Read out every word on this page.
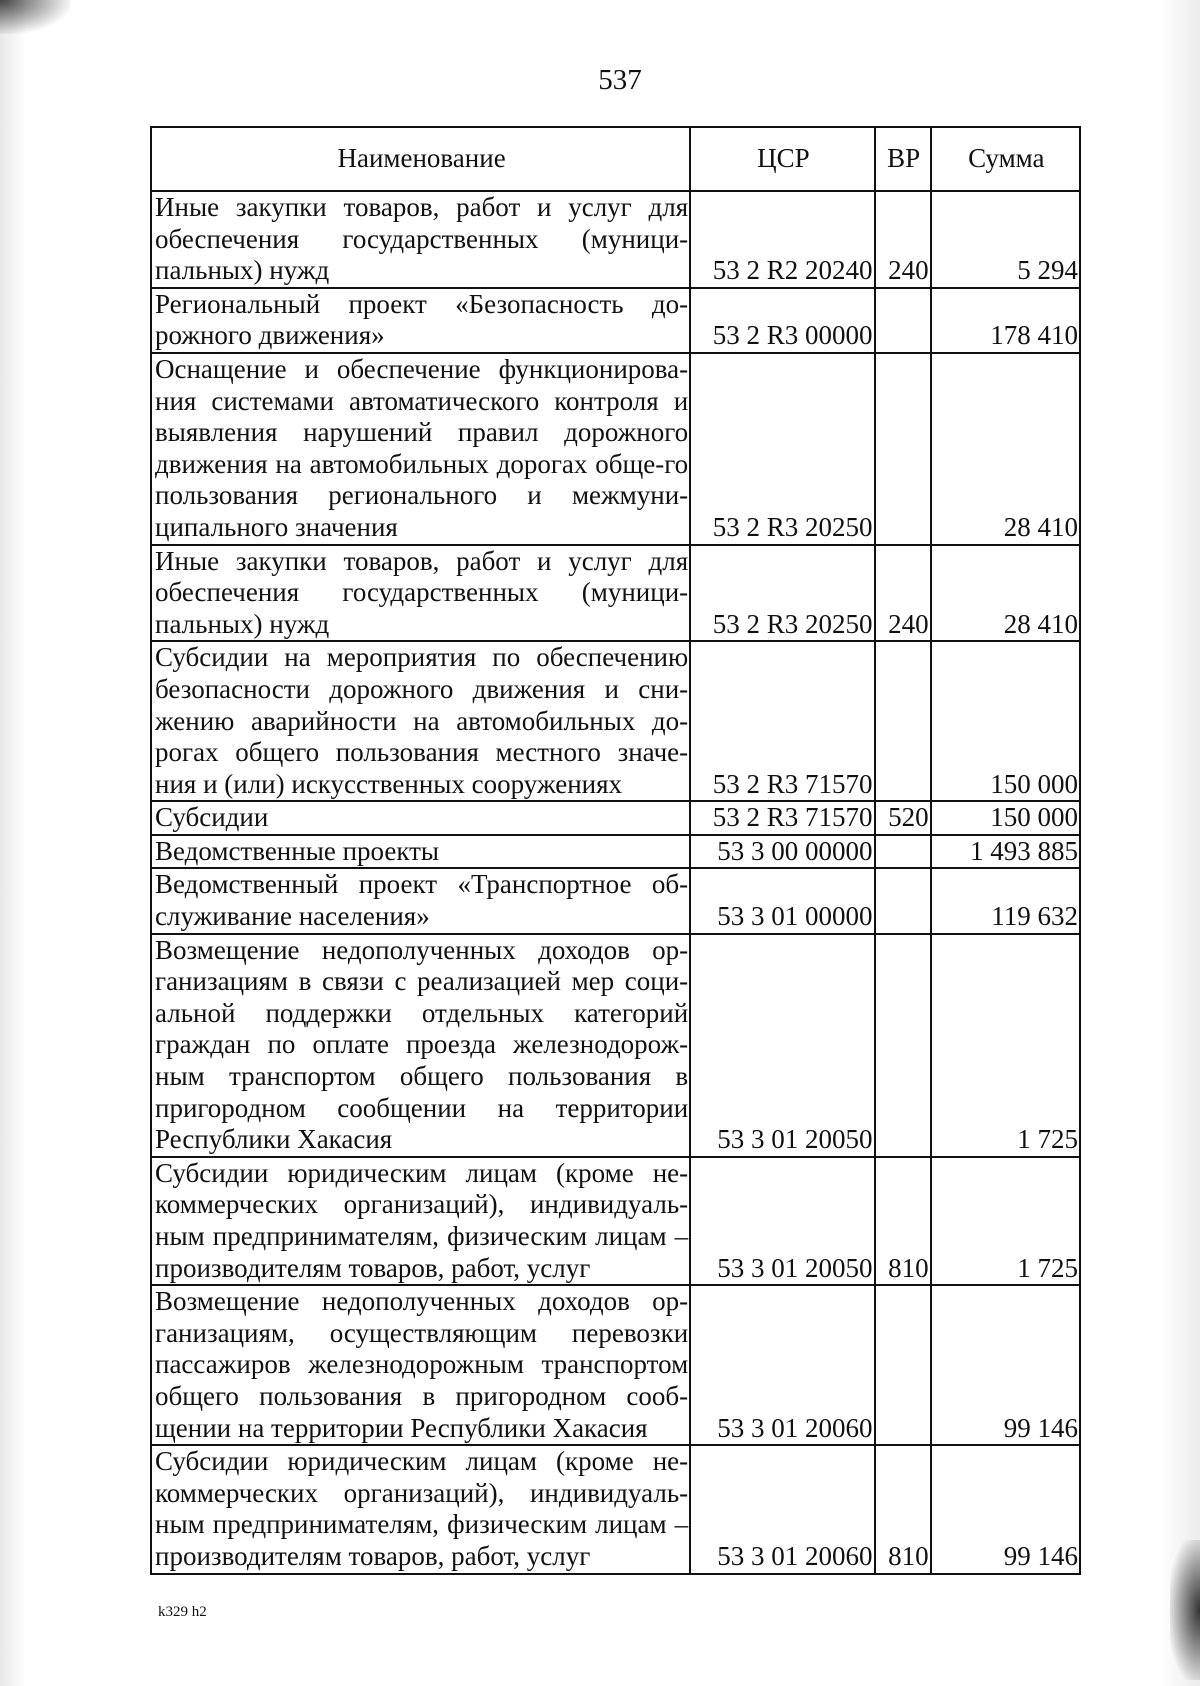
537
Наименование	ЦСР	ВР	Сумма
Иные закупки товаров, работ и услуг для обеспечения государственных (муници-пальных) нужд	53 2 R2 20240	240	5 294
Региональный проект «Безопасность до-рожного движения»	53 2 R3 00000		178 410
Оснащение и обеспечение функционирова-ния системами автоматического контроля и выявления нарушений правил дорожного движения на автомобильных дорогах обще-го пользования регионального и межмуни-ципального значения	53 2 R3 20250		28 410
Иные закупки товаров, работ и услуг для обеспечения государственных (муници-пальных) нужд	53 2 R3 20250	240	28 410
Субсидии на мероприятия по обеспечению безопасности дорожного движения и сни-жению аварийности на автомобильных до-рогах общего пользования местного значе-ния и (или) искусственных сооружениях	53 2 R3 71570		150 000
Субсидии	53 2 R3 71570	520	150 000
Ведомственные проекты	53 3 00 00000		1 493 885
Ведомственный проект «Транспортное об-служивание населения»	53 3 01 00000		119 632
Возмещение недополученных доходов ор-ганизациям в связи с реализацией мер соци-альной поддержки отдельных категорий граждан по оплате проезда железнодорож-ным транспортом общего пользования в пригородном сообщении на территории Республики Хакасия	53 3 01 20050		1 725
Субсидии юридическим лицам (кроме не-коммерческих организаций), индивидуаль-ным предпринимателям, физическим лицам – производителям товаров, работ, услуг	53 3 01 20050	810	1 725
Возмещение недополученных доходов ор-ганизациям, осуществляющим перевозки пассажиров железнодорожным транспортом общего пользования в пригородном сооб-щении на территории Республики Хакасия	53 3 01 20060		99 146
Субсидии юридическим лицам (кроме не-коммерческих организаций), индивидуаль-ным предпринимателям, физическим лицам – производителям товаров, работ, услуг	53 3 01 20060	810	99 146
k329 h2
